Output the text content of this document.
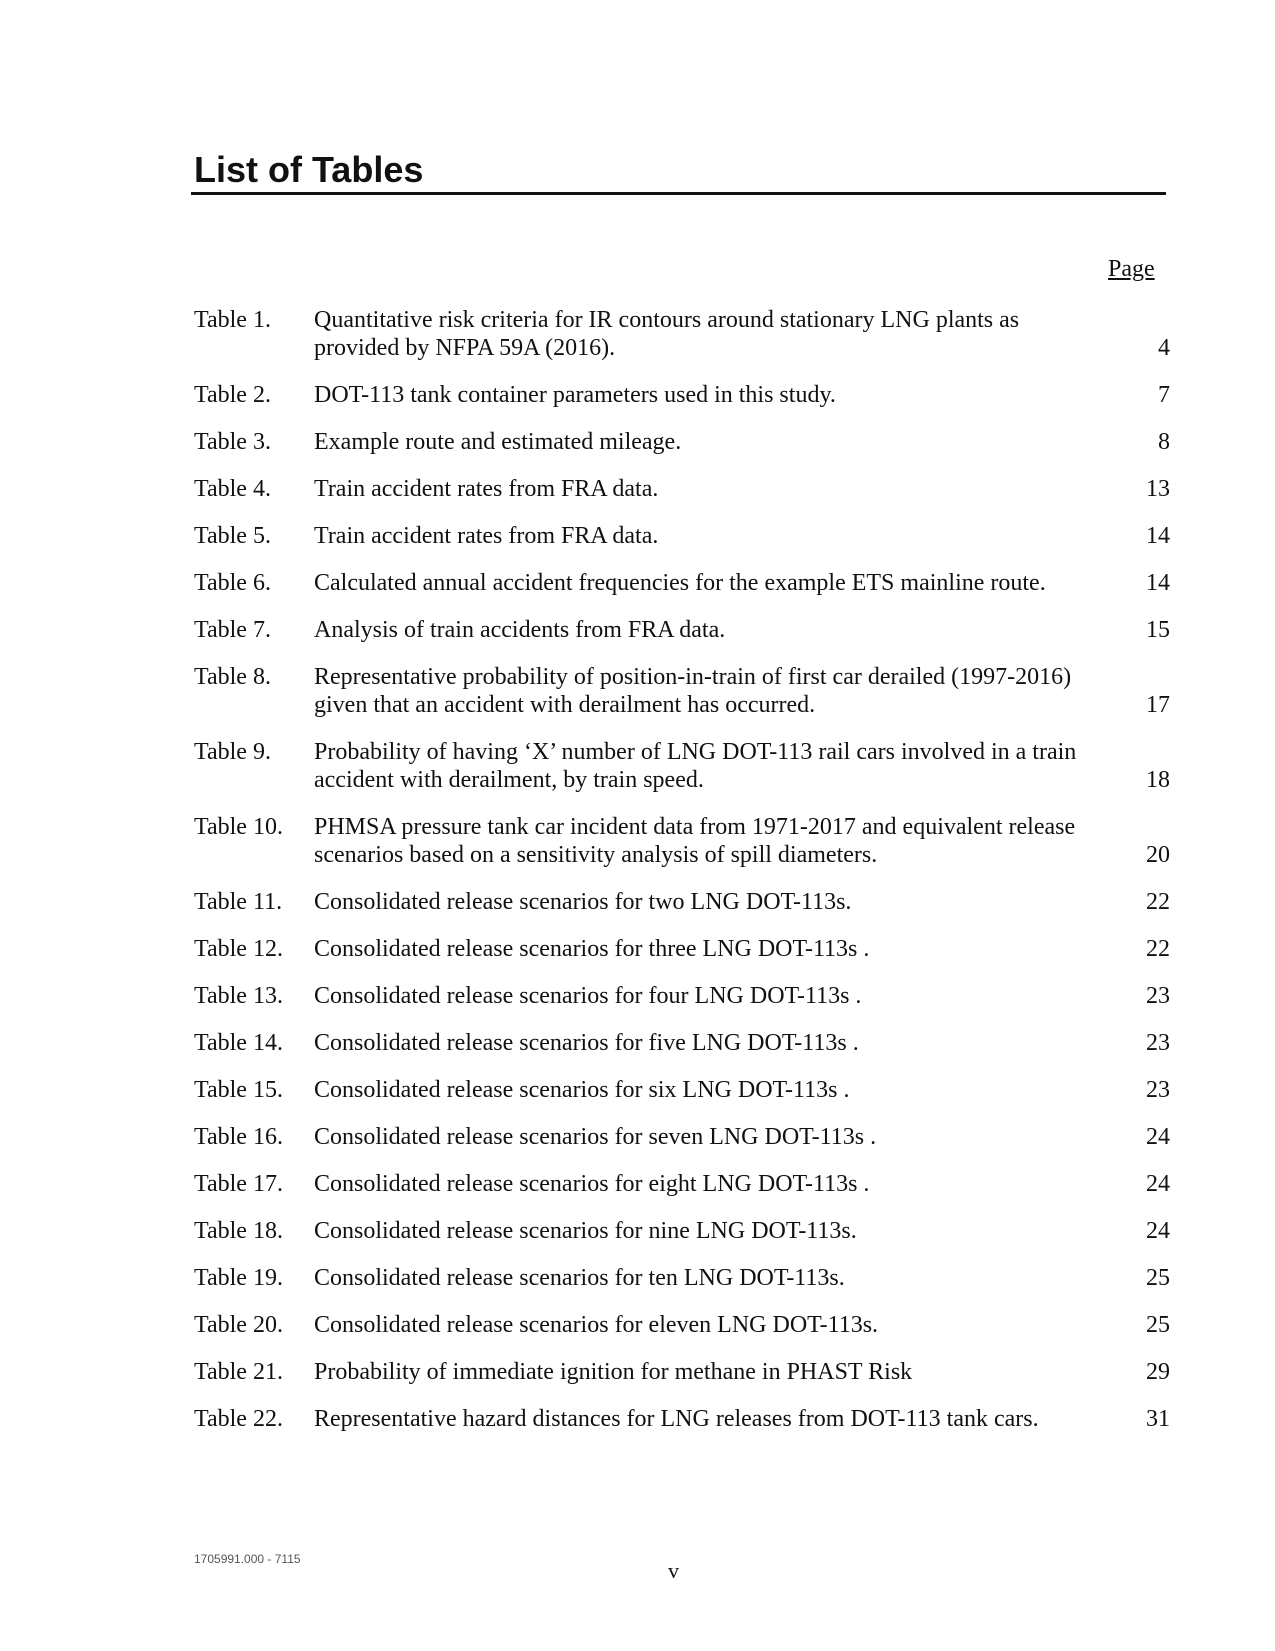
List of Tables
Page
Table 1. Quantitative risk criteria for IR contours around stationary LNG plants as provided by NFPA 59A (2016).	4
Table 2. DOT-113 tank container parameters used in this study.	7
Table 3. Example route and estimated mileage.	8
Table 4. Train accident rates from FRA data.	13
Table 5. Train accident rates from FRA data.	14
Table 6. Calculated annual accident frequencies for the example ETS mainline route.	14
Table 7. Analysis of train accidents from FRA data.	15
Table 8. Representative probability of position-in-train of first car derailed (1997-2016) given that an accident with derailment has occurred.	17
Table 9. Probability of having ‘X’ number of LNG DOT-113 rail cars involved in a train accident with derailment, by train speed.	18
Table 10. PHMSA pressure tank car incident data from 1971-2017 and equivalent release scenarios based on a sensitivity analysis of spill diameters.	20
Table 11. Consolidated release scenarios for two LNG DOT-113s.	22
Table 12. Consolidated release scenarios for three LNG DOT-113s .	22
Table 13. Consolidated release scenarios for four LNG DOT-113s .	23
Table 14. Consolidated release scenarios for five LNG DOT-113s .	23
Table 15. Consolidated release scenarios for six LNG DOT-113s .	23
Table 16. Consolidated release scenarios for seven LNG DOT-113s .	24
Table 17. Consolidated release scenarios for eight LNG DOT-113s .	24
Table 18. Consolidated release scenarios for nine LNG DOT-113s.	24
Table 19. Consolidated release scenarios for ten LNG DOT-113s.	25
Table 20. Consolidated release scenarios for eleven LNG DOT-113s.	25
Table 21. Probability of immediate ignition for methane in PHAST Risk	29
Table 22. Representative hazard distances for LNG releases from DOT-113 tank cars.	31
1705991.000 - 7115	v
